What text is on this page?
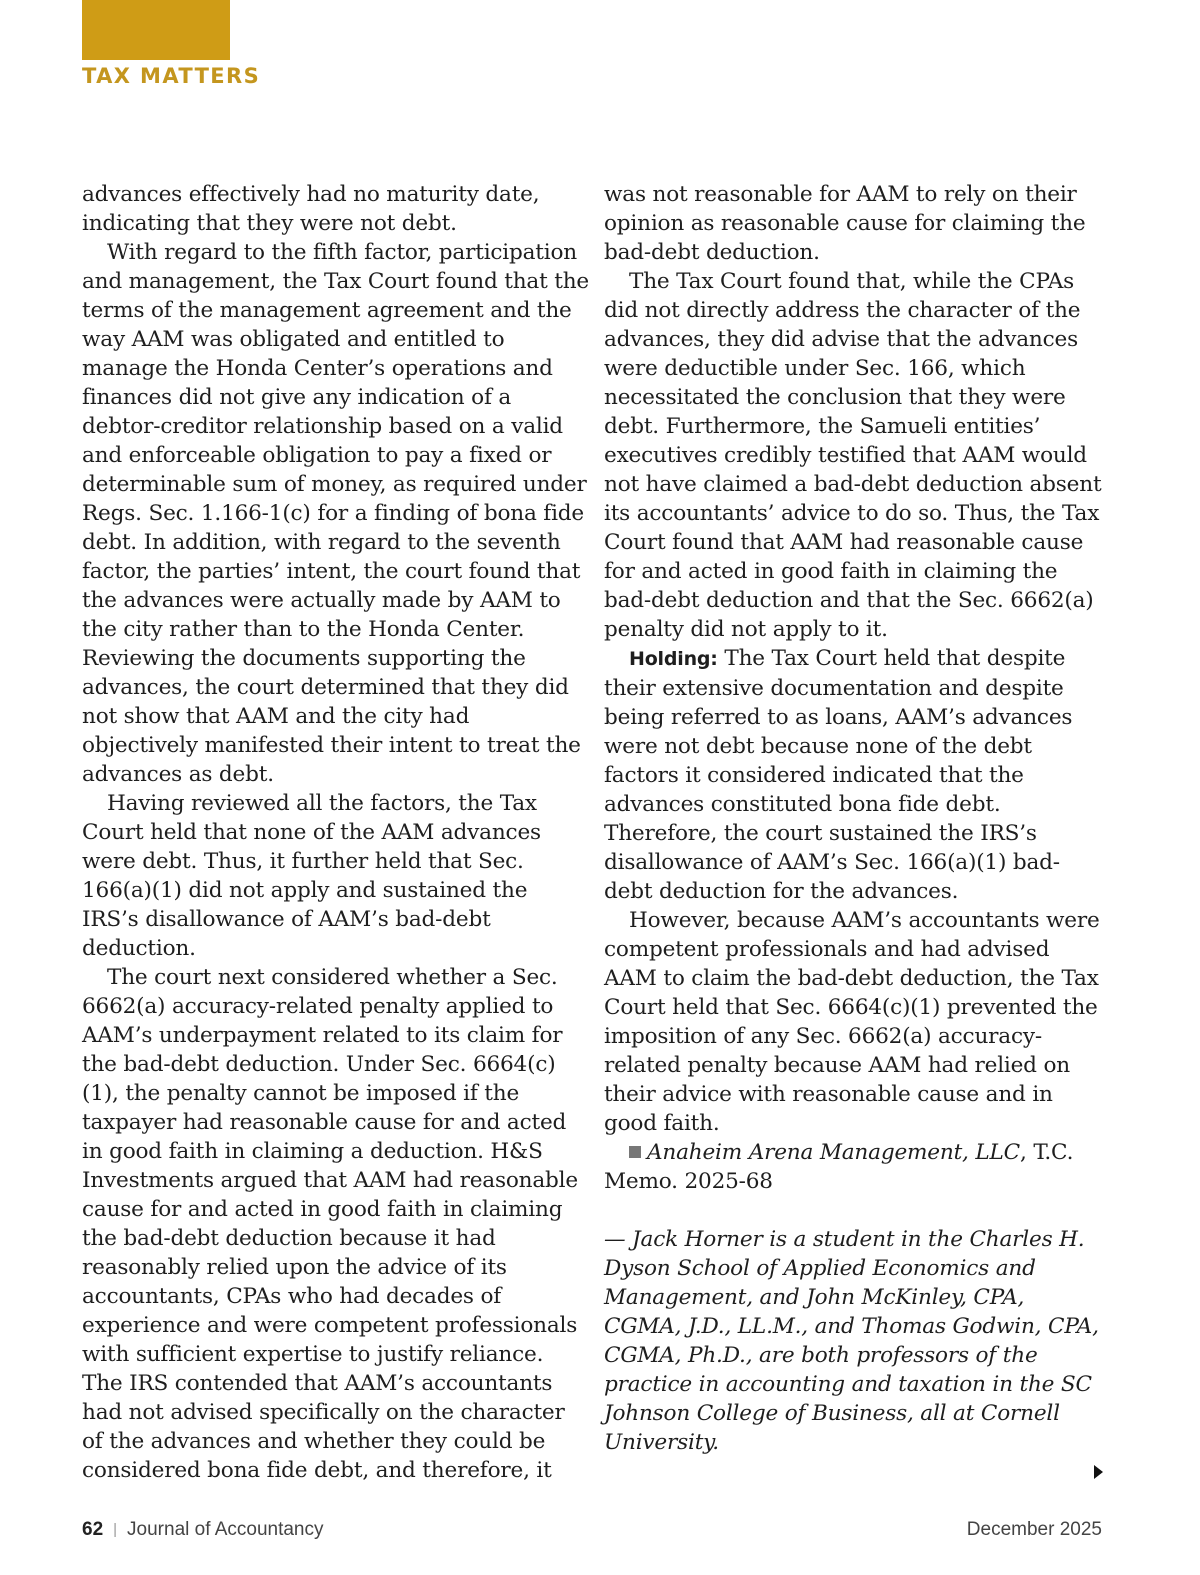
TAX MATTERS

advances effectively had no maturity date, indicating that they were not debt.

With regard to the fifth factor, participation and management, the Tax Court found that the terms of the management agreement and the way AAM was obligated and entitled to manage the Honda Center’s operations and finances did not give any indication of a debtor-creditor relationship based on a valid and enforceable obligation to pay a fixed or determinable sum of money, as required under Regs. Sec. 1.166-1(c) for a finding of bona fide debt. In addition, with regard to the seventh factor, the parties’ intent, the court found that the advances were actually made by AAM to the city rather than to the Honda Center. Reviewing the documents supporting the advances, the court determined that they did not show that AAM and the city had objectively manifested their intent to treat the advances as debt.

Having reviewed all the factors, the Tax Court held that none of the AAM advances were debt. Thus, it further held that Sec. 166(a)(1) did not apply and sustained the IRS’s disallowance of AAM’s bad-debt deduction.

The court next considered whether a Sec. 6662(a) accuracy-related penalty applied to AAM’s underpayment related to its claim for the bad-debt deduction. Under Sec. 6664(c)(1), the penalty cannot be imposed if the taxpayer had reasonable cause for and acted in good faith in claiming a deduction. H&S Investments argued that AAM had reasonable cause for and acted in good faith in claiming the bad-debt deduction because it had reasonably relied upon the advice of its accountants, CPAs who had decades of experience and were competent professionals with sufficient expertise to justify reliance. The IRS contended that AAM’s accountants had not advised specifically on the character of the advances and whether they could be considered bona fide debt, and therefore, it

was not reasonable for AAM to rely on their opinion as reasonable cause for claiming the bad-debt deduction.

The Tax Court found that, while the CPAs did not directly address the character of the advances, they did advise that the advances were deductible under Sec. 166, which necessitated the conclusion that they were debt. Furthermore, the Samueli entities’ executives credibly testified that AAM would not have claimed a bad-debt deduction absent its accountants’ advice to do so. Thus, the Tax Court found that AAM had reasonable cause for and acted in good faith in claiming the bad-debt deduction and that the Sec. 6662(a) penalty did not apply to it.

Holding: The Tax Court held that despite their extensive documentation and despite being referred to as loans, AAM’s advances were not debt because none of the debt factors it considered indicated that the advances constituted bona fide debt. Therefore, the court sustained the IRS’s disallowance of AAM’s Sec. 166(a)(1) bad-debt deduction for the advances.

However, because AAM’s accountants were competent professionals and had advised AAM to claim the bad-debt deduction, the Tax Court held that Sec. 6664(c)(1) prevented the imposition of any Sec. 6662(a) accuracy-related penalty because AAM had relied on their advice with reasonable cause and in good faith.

Anaheim Arena Management, LLC, T.C. Memo. 2025-68

— Jack Horner is a student in the Charles H. Dyson School of Applied Economics and Management, and John McKinley, CPA, CGMA, J.D., LL.M., and Thomas Godwin, CPA, CGMA, Ph.D., are both professors of the practice in accounting and taxation in the SC Johnson College of Business, all at Cornell University.

62 | Journal of Accountancy	December 2025
